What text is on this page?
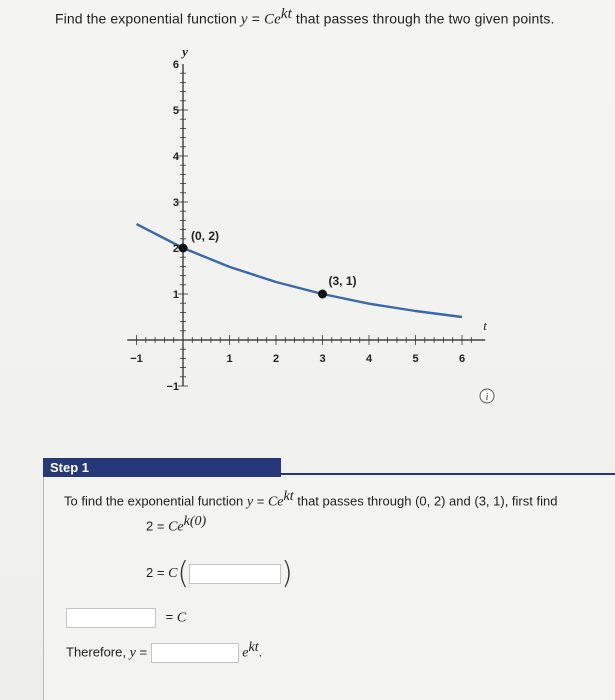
Find the exponential function $y = Ce^{kt}$ that passes through the two given points.
−1	1	2	3	4	5	6
−1
1
2
3
4
5
6
t
y
(0, 2)
(3, 1)
i
Step 1
To find the exponential function $y = Ce^{kt}$ that passes through (0, 2) and (3, 1), first find
$2 = Ce^{k(0)}$
2 = C(	)
= C
Therefore, y =	$e^{kt}$.
